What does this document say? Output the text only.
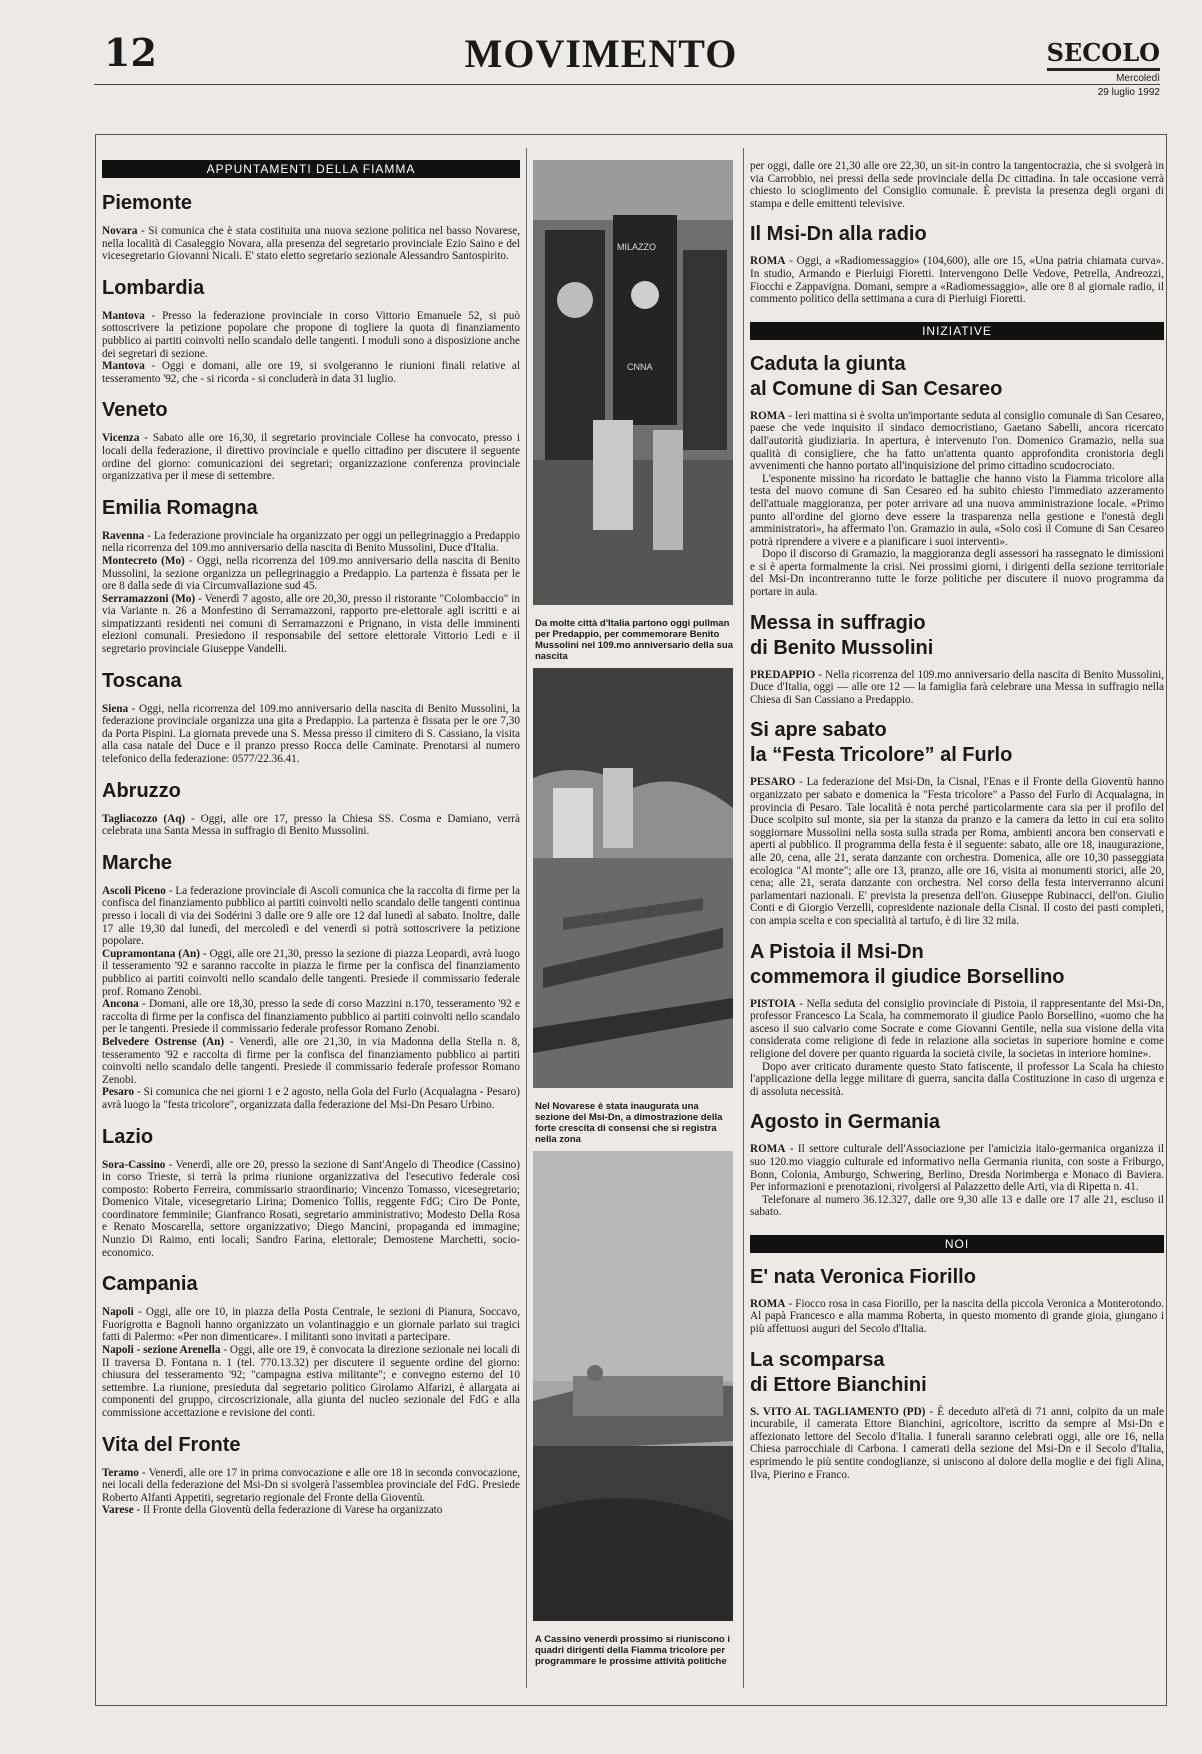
12	MOVIMENTO	SECOLO
Mercoledì
29 luglio 1992
APPUNTAMENTI DELLA FIAMMA
Piemonte

Novara - Si comunica che è stata costituita una nuova sezione politica nel basso Novarese, nella località di Casaleggio Novara, alla presenza del segretario provinciale Ezio Saino e del vicesegretario Giovanni Nicali. E' stato eletto segretario sezionale Alessandro Santospirito.

Lombardia

Mantova - Presso la federazione provinciale in corso Vittorio Emanuele 52, si può sottoscrivere la petizione popolare che propone di togliere la quota di finanziamento pubblico ai partiti coinvolti nello scandalo delle tangenti. I moduli sono a disposizione anche dei segretari di sezione.

Mantova - Oggi e domani, alle ore 19, si svolgeranno le riunioni finali relative al tesseramento '92, che - si ricorda - si concluderà in data 31 luglio.

Veneto

Vicenza - Sabato alle ore 16,30, il segretario provinciale Collese ha convocato, presso i locali della federazione, il direttivo provinciale e quello cittadino per discutere il seguente ordine del giorno: comunicazioni dei segretari; organizzazione conferenza provinciale organizzativa per il mese di settembre.

Emilia Romagna

Ravenna - La federazione provinciale ha organizzato per oggi un pellegrinaggio a Predappio nella ricorrenza del 109.mo anniversario della nascita di Benito Mussolini, Duce d'Italia.

Montecreto (Mo) - Oggi, nella ricorrenza del 109.mo anniversario della nascita di Benito Mussolini, la sezione organizza un pellegrinaggio a Predappio. La partenza è fissata per le ore 8 dalla sede di via Circumvallazione sud 45.

Serramazzoni (Mo) - Venerdì 7 agosto, alle ore 20,30, presso il ristorante "Colombaccio" in via Variante n. 26 a Monfestino di Serramazzoni, rapporto pre-elettorale agli iscritti e ai simpatizzanti residenti nei comuni di Serramazzoni e Prignano, in vista delle imminenti elezioni comunali. Presiedono il responsabile del settore elettorale Vittorio Ledi e il segretario provinciale Giuseppe Vandelli.

Toscana

Siena - Oggi, nella ricorrenza del 109.mo anniversario della nascita di Benito Mussolini, la federazione provinciale organizza una gita a Predappio. La partenza è fissata per le ore 7,30 da Porta Pispini. La giornata prevede una S. Messa presso il cimitero di S. Cassiano, la visita alla casa natale del Duce e il pranzo presso Rocca delle Caminate. Prenotarsi al numero telefonico della federazione: 0577/22.36.41.

Abruzzo

Tagliacozzo (Aq) - Oggi, alle ore 17, presso la Chiesa SS. Cosma e Damiano, verrà celebrata una Santa Messa in suffragio di Benito Mussolini.

Marche

Ascoli Piceno - La federazione provinciale di Ascoli comunica che la raccolta di firme per la confisca del finanziamento pubblico ai partiti coinvolti nello scandalo delle tangenti continua presso i locali di via dei Sodérini 3 dalle ore 9 alle ore 12 dal lunedì al sabato. Inoltre, dalle 17 alle 19,30 dal lunedì, del mercoledì e del venerdì si potrà sottoscrivere la petizione popolare.

Cupramontana (An) - Oggi, alle ore 21,30, presso la sezione di piazza Leopardi, avrà luogo il tesseramento '92 e saranno raccolte in piazza le firme per la confisca del finanziamento pubblico ai partiti coinvolti nello scandalo delle tangenti. Presiede il commissario federale prof. Romano Zenobi.

Ancona - Domani, alle ore 18,30, presso la sede di corso Mazzini n.170, tesseramento '92 e raccolta di firme per la confisca del finanziamento pubblico ai partiti coinvolti nello scandalo per le tangenti. Presiede il commissario federale professor Romano Zenobi.

Belvedere Ostrense (An) - Venerdì, alle ore 21,30, in via Madonna della Stella n. 8, tesseramento '92 e raccolta di firme per la confisca del finanziamento pubblico ai partiti coinvolti nello scandalo delle tangenti. Presiede il commissario federale professor Romano Zenobi.

Pesaro - Si comunica che nei giorni 1 e 2 agosto, nella Gola del Furlo (Acqualagna - Pesaro) avrà luogo la "festa tricolore", organizzata dalla federazione del Msi-Dn Pesaro Urbino.

Lazio

Sora-Cassino - Venerdì, alle ore 20, presso la sezione di Sant'Angelo di Theodice (Cassino) in corso Trieste, si terrà la prima riunione organizzativa del l'esecutivo federale così composto: Roberto Ferreira, commissario straordinario; Vincenzo Tomasso, vicesegretario; Domenico Vitale, vicesegretario Lirina; Domenico Tollis, reggente FdG; Ciro De Ponte, coordinatore femminile; Gianfranco Rosati, segretario amministrativo; Modesto Della Rosa e Renato Moscarella, settore organizzativo; Diego Mancini, propaganda ed immagine; Nunzio Di Raimo, enti locali; Sandro Farina, elettorale; Demostene Marchetti, socio-economico.

Campania

Napoli - Oggi, alle ore 10, in piazza della Posta Centrale, le sezioni di Pianura, Soccavo, Fuorigrotta e Bagnoli hanno organizzato un volantinaggio e un giornale parlato sui tragici fatti di Palermo: «Per non dimenticare». I militanti sono invitati a partecipare.

Napoli - sezione Arenella - Oggi, alle ore 19, è convocata la direzione sezionale nei locali di II traversa D. Fontana n. 1 (tel. 770.13.32) per discutere il seguente ordine del giorno: chiusura del tesseramento '92; "campagna estiva militante"; e convegno esterno del 10 settembre. La riunione, presieduta dal segretario politico Girolamo Alfarizi, è allargata ai componenti del gruppo, circoscrizionale, alla giunta del nucleo sezionale del FdG e alla commissione accettazione e revisione dei conti.

Vita del Fronte

Teramo - Venerdì, alle ore 17 in prima convocazione e alle ore 18 in seconda convocazione, nei locali della federazione del Msi-Dn si svolgerà l'assemblea provinciale del FdG. Presiede Roberto Alfanti Appetiti, segretario regionale del Fronte della Gioventù.

Varese - Il Fronte della Gioventù della federazione di Varese ha organizzato

MILAZZO
CNNA
Da molte città d'Italia partono oggi pullman per Predappio, per commemorare Benito Mussolini nel 109.mo anniversario della sua nascita
Nel Novarese è stata inaugurata una sezione del Msi-Dn, a dimostrazione della forte crescita di consensi che si registra nella zona
A Cassino venerdì prossimo si riuniscono i quadri dirigenti della Fiamma tricolore per programmare le prossime attività politiche

per oggi, dalle ore 21,30 alle ore 22,30, un sit-in contro la tangentocrazia, che si svolgerà in via Carrobbio, nei pressi della sede provinciale della Dc cittadina. In tale occasione verrà chiesto lo scioglimento del Consiglio comunale. È prevista la presenza degli organi di stampa e delle emittenti televisive.

Il Msi-Dn alla radio

ROMA - Oggi, a «Radiomessaggio» (104,600), alle ore 15, «Una patria chiamata curva». In studio, Armando e Pierluigi Fioretti. Intervengono Delle Vedove, Petrella, Andreozzi, Fiocchi e Zappavigna. Domani, sempre a «Radiomessaggio», alle ore 8 al giornale radio, il commento politico della settimana a cura di Pierluigi Fioretti.

INIZIATIVE
Caduta la giunta
al Comune di San Cesareo

ROMA - Ieri mattina si è svolta un'importante seduta al consiglio comunale di San Cesareo, paese che vede inquisito il sindaco democristiano, Gaetano Sabelli, ancora ricercato dall'autorità giudiziaria. In apertura, è intervenuto l'on. Domenico Gramazio, nella sua qualità di consigliere, che ha fatto un'attenta quanto approfondita cronistoria degli avvenimenti che hanno portato all'inquisizione del primo cittadino scudocrociato.

L'esponente missino ha ricordato le battaglie che hanno visto la Fiamma tricolore alla testa del nuovo comune di San Cesareo ed ha subito chiesto l'immediato azzeramento dell'attuale maggioranza, per poter arrivare ad una nuova amministrazione locale. «Primo punto all'ordine del giorno deve essere la trasparenza nella gestione e l'onestà degli amministratori», ha affermato l'on. Gramazio in aula, «Solo così il Comune di San Cesareo potrà riprendere a vivere e a pianificare i suoi interventi».

Dopo il discorso di Gramazio, la maggioranza degli assessori ha rassegnato le dimissioni e si è aperta formalmente la crisi. Nei prossimi giorni, i dirigenti della sezione territoriale del Msi-Dn incontreranno tutte le forze politiche per discutere il nuovo programma da portare in aula.

Messa in suffragio
di Benito Mussolini

PREDAPPIO - Nella ricorrenza del 109.mo anniversario della nascita di Benito Mussolini, Duce d'Italia, oggi — alle ore 12 — la famiglia farà celebrare una Messa in suffragio nella Chiesa di San Cassiano a Predappio.

Si apre sabato
la “Festa Tricolore” al Furlo

PESARO - La federazione del Msi-Dn, la Cisnal, l'Enas e il Fronte della Gioventù hanno organizzato per sabato e domenica la "Festa tricolore" a Passo del Furlo di Acqualagna, in provincia di Pesaro. Tale località è nota perché particolarmente cara sia per il profilo del Duce scolpito sul monte, sia per la stanza da pranzo e la camera da letto in cui era solito soggiornare Mussolini nella sosta sulla strada per Roma, ambienti ancora ben conservati e aperti al pubblico. Il programma della festa è il seguente: sabato, alle ore 18, inaugurazione, alle 20, cena, alle 21, serata danzante con orchestra. Domenica, alle ore 10,30 passeggiata ecologica "Al monte"; alle ore 13, pranzo, alle ore 16, visita ai monumenti storici, alle 20, cena; alle 21, serata danzante con orchestra. Nel corso della festa interverranno alcuni parlamentari nazionali. E' prevista la presenza dell'on. Giuseppe Rubinacci, dell'on. Giulio Conti e di Giorgio Verzelli, copresidente nazionale della Cisnal. Il costo dei pasti completi, con ampia scelta e con specialità al tartufo, è di lire 32 mila.

A Pistoia il Msi-Dn
commemora il giudice Borsellino

PISTOIA - Nella seduta del consiglio provinciale di Pistoia, il rappresentante del Msi-Dn, professor Francesco La Scala, ha commemorato il giudice Paolo Borsellino, «uomo che ha asceso il suo calvario come Socrate e come Giovanni Gentile, nella sua visione della vita considerata come religione di fede in relazione alla societas in superiore homine e come religione del dovere per quanto riguarda la società civile, la societas in interiore homine».

Dopo aver criticato duramente questo Stato fatiscente, il professor La Scala ha chiesto l'applicazione della legge militare di guerra, sancita dalla Costituzione in caso di urgenza e di assoluta necessità.

Agosto in Germania

ROMA - Il settore culturale dell'Associazione per l'amicizia italo-germanica organizza il suo 120.mo viaggio culturale ed informativo nella Germania riunita, con soste a Friburgo, Bonn, Colonia, Amburgo, Schwering, Berlino, Dresda Norimberga e Monaco di Baviera. Per informazioni e prenotazioni, rivolgersi al Palazzetto delle Arti, via di Ripetta n. 41.

Telefonare al numero 36.12.327, dalle ore 9,30 alle 13 e dalle ore 17 alle 21, escluso il sabato.

NOI
E' nata Veronica Fiorillo

ROMA - Fiocco rosa in casa Fiorillo, per la nascita della piccola Veronica a Monterotondo. Al papà Francesco e alla mamma Roberta, in questo momento di grande gioia, giungano i più affettuosi auguri del Secolo d'Italia.

La scomparsa
di Ettore Bianchini

S. VITO AL TAGLIAMENTO (PD) - È deceduto all'età di 71 anni, colpito da un male incurabile, il camerata Ettore Bianchini, agricoltore, iscritto da sempre al Msi-Dn e affezionato lettore del Secolo d'Italia. I funerali saranno celebrati oggi, alle ore 16, nella Chiesa parrocchiale di Carbona. I camerati della sezione del Msi-Dn e il Secolo d'Italia, esprimendo le più sentite condoglianze, si uniscono al dolore della moglie e dei figli Alina, Ilva, Pierino e Franco.
